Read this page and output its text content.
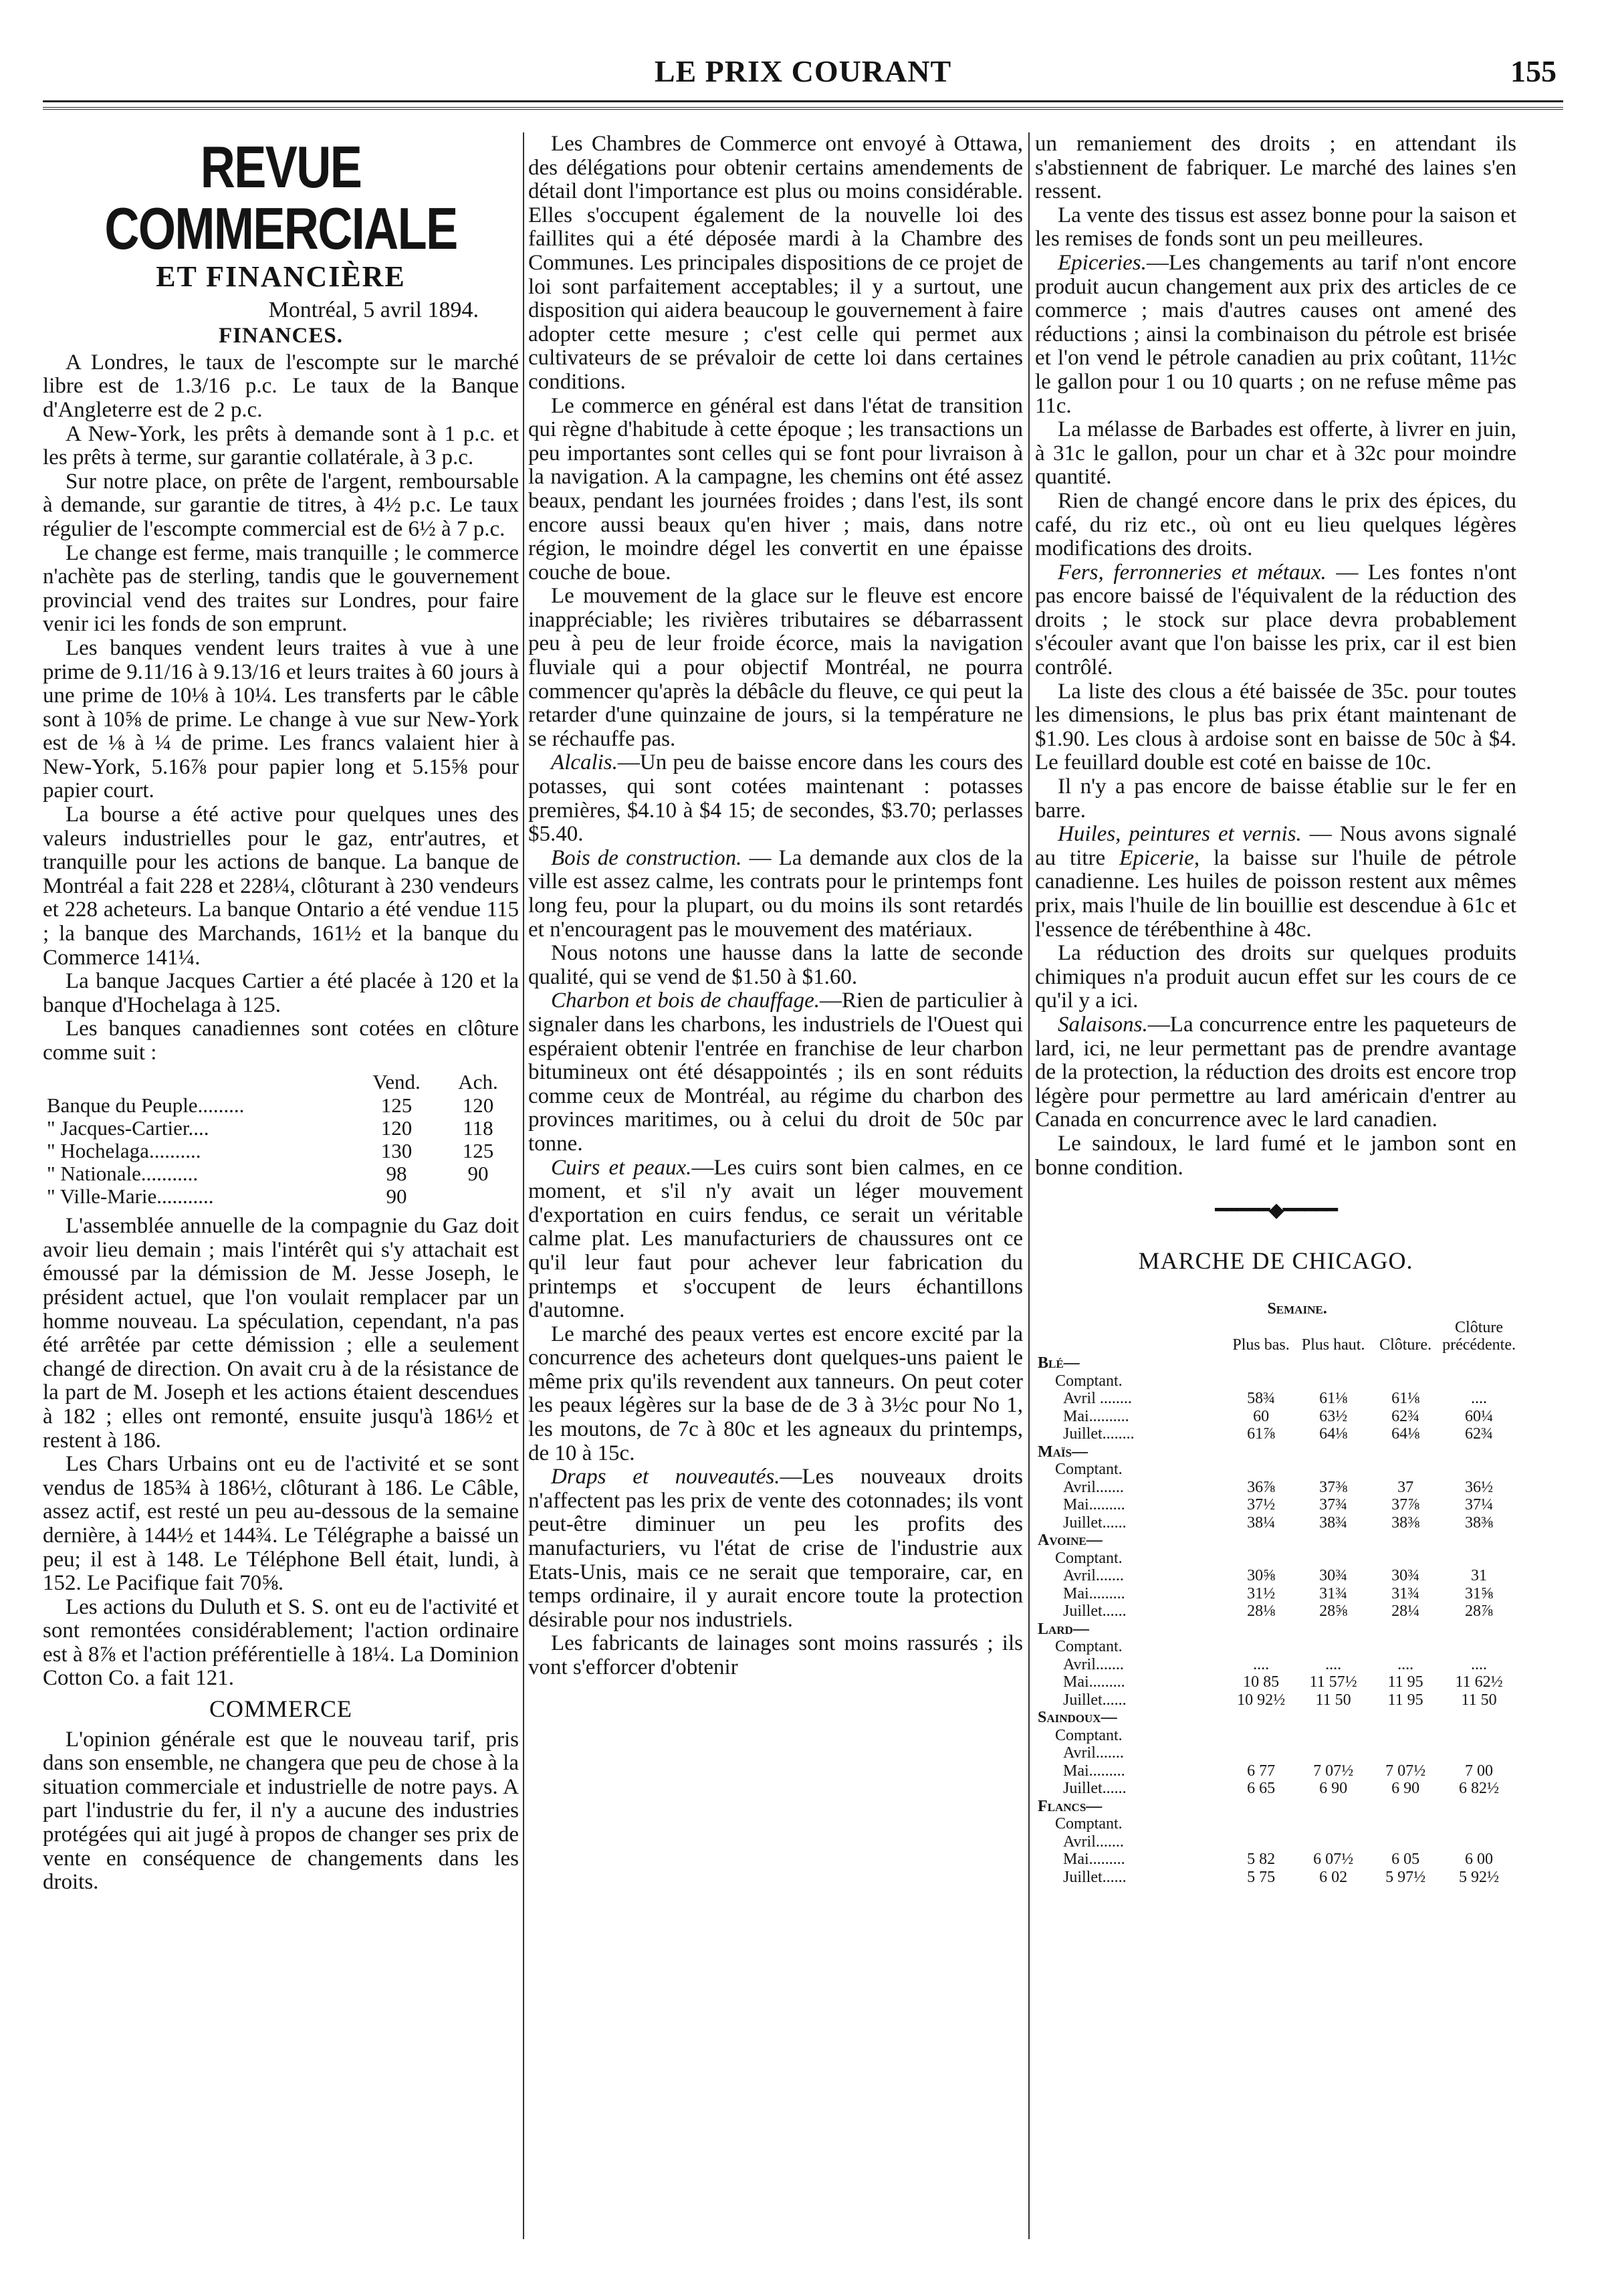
LE PRIX COURANT	155
REVUE COMMERCIALE
ET FINANCIÈRE
Montréal, 5 avril 1894.
FINANCES.

A Londres, le taux de l'escompte sur le marché libre est de 1.3/16 p.c. Le taux de la Banque d'Angleterre est de 2 p.c.

A New-York, les prêts à demande sont à 1 p.c. et les prêts à terme, sur garantie collatérale, à 3 p.c.

Sur notre place, on prête de l'argent, remboursable à demande, sur garantie de titres, à 4½ p.c. Le taux régulier de l'escompte commercial est de 6½ à 7 p.c.

Le change est ferme, mais tranquille ; le commerce n'achète pas de sterling, tandis que le gouvernement provincial vend des traites sur Londres, pour faire venir ici les fonds de son emprunt.

Les banques vendent leurs traites à vue à une prime de 9.11/16 à 9.13/16 et leurs traites à 60 jours à une prime de 10⅛ à 10¼. Les transferts par le câble sont à 10⅝ de prime. Le change à vue sur New-York est de ⅛ à ¼ de prime. Les francs valaient hier à New-York, 5.16⅞ pour papier long et 5.15⅝ pour papier court.

La bourse a été active pour quelques unes des valeurs industrielles pour le gaz, entr'autres, et tranquille pour les actions de banque. La banque de Montréal a fait 228 et 228¼, clôturant à 230 vendeurs et 228 acheteurs. La banque Ontario a été vendue 115 ; la banque des Marchands, 161½ et la banque du Commerce 141¼.

La banque Jacques Cartier a été placée à 120 et la banque d'Hochelaga à 125.

Les banques canadiennes sont cotées en clôture comme suit :

	Vend.	Ach.
Banque du Peuple.........	125	120
" Jacques-Cartier....	120	118
" Hochelaga..........	130	125
" Nationale...........	98	90
" Ville-Marie...........	90	

L'assemblée annuelle de la compagnie du Gaz doit avoir lieu demain ; mais l'intérêt qui s'y attachait est émoussé par la démission de M. Jesse Joseph, le président actuel, que l'on voulait remplacer par un homme nouveau. La spéculation, cependant, n'a pas été arrêtée par cette démission ; elle a seulement changé de direction. On avait cru à de la résistance de la part de M. Joseph et les actions étaient descendues à 182 ; elles ont remonté, ensuite jusqu'à 186½ et restent à 186.

Les Chars Urbains ont eu de l'activité et se sont vendus de 185¾ à 186½, clôturant à 186. Le Câble, assez actif, est resté un peu au-dessous de la semaine dernière, à 144½ et 144¾. Le Télégraphe a baissé un peu; il est à 148. Le Téléphone Bell était, lundi, à 152. Le Pacifique fait 70⅝.

Les actions du Duluth et S. S. ont eu de l'activité et sont remontées considérablement; l'action ordinaire est à 8⅞ et l'action préférentielle à 18¼. La Dominion Cotton Co. a fait 121.

COMMERCE

L'opinion générale est que le nouveau tarif, pris dans son ensemble, ne changera que peu de chose à la situation commerciale et industrielle de notre pays. A part l'industrie du fer, il n'y a aucune des industries protégées qui ait jugé à propos de changer ses prix de vente en conséquence de changements dans les droits.

Les Chambres de Commerce ont envoyé à Ottawa, des délégations pour obtenir certains amendements de détail dont l'importance est plus ou moins considérable. Elles s'occupent également de la nouvelle loi des faillites qui a été déposée mardi à la Chambre des Communes. Les principales dispositions de ce projet de loi sont parfaitement acceptables; il y a surtout, une disposition qui aidera beaucoup le gouvernement à faire adopter cette mesure ; c'est celle qui permet aux cultivateurs de se prévaloir de cette loi dans certaines conditions.

Le commerce en général est dans l'état de transition qui règne d'habitude à cette époque ; les transactions un peu importantes sont celles qui se font pour livraison à la navigation. A la campagne, les chemins ont été assez beaux, pendant les journées froides ; dans l'est, ils sont encore aussi beaux qu'en hiver ; mais, dans notre région, le moindre dégel les convertit en une épaisse couche de boue.

Le mouvement de la glace sur le fleuve est encore inappréciable; les rivières tributaires se débarrassent peu à peu de leur froide écorce, mais la navigation fluviale qui a pour objectif Montréal, ne pourra commencer qu'après la débâcle du fleuve, ce qui peut la retarder d'une quinzaine de jours, si la température ne se réchauffe pas.

Alcalis.—Un peu de baisse encore dans les cours des potasses, qui sont cotées maintenant : potasses premières, $4.10 à $4 15; de secondes, $3.70; perlasses $5.40.

Bois de construction. — La demande aux clos de la ville est assez calme, les contrats pour le printemps font long feu, pour la plupart, ou du moins ils sont retardés et n'encouragent pas le mouvement des matériaux.

Nous notons une hausse dans la latte de seconde qualité, qui se vend de $1.50 à $1.60.

Charbon et bois de chauffage.—Rien de particulier à signaler dans les charbons, les industriels de l'Ouest qui espéraient obtenir l'entrée en franchise de leur charbon bitumineux ont été désappointés ; ils en sont réduits comme ceux de Montréal, au régime du charbon des provinces maritimes, ou à celui du droit de 50c par tonne.

Cuirs et peaux.—Les cuirs sont bien calmes, en ce moment, et s'il n'y avait un léger mouvement d'exportation en cuirs fendus, ce serait un véritable calme plat. Les manufacturiers de chaussures ont ce qu'il leur faut pour achever leur fabrication du printemps et s'occupent de leurs échantillons d'automne.

Le marché des peaux vertes est encore excité par la concurrence des acheteurs dont quelques-uns paient le même prix qu'ils revendent aux tanneurs. On peut coter les peaux légères sur la base de de 3 à 3½c pour No 1, les moutons, de 7c à 80c et les agneaux du printemps, de 10 à 15c.

Draps et nouveautés.—Les nouveaux droits n'affectent pas les prix de vente des cotonnades; ils vont peut-être diminuer un peu les profits des manufacturiers, vu l'état de crise de l'industrie aux Etats-Unis, mais ce ne serait que temporaire, car, en temps ordinaire, il y aurait encore toute la protection désirable pour nos industriels.

Les fabricants de lainages sont moins rassurés ; ils vont s'efforcer d'obtenir

un remaniement des droits ; en attendant ils s'abstiennent de fabriquer. Le marché des laines s'en ressent.

La vente des tissus est assez bonne pour la saison et les remises de fonds sont un peu meilleures.

Epiceries.—Les changements au tarif n'ont encore produit aucun changement aux prix des articles de ce commerce ; mais d'autres causes ont amené des réductions ; ainsi la combinaison du pétrole est brisée et l'on vend le pétrole canadien au prix coûtant, 11½c le gallon pour 1 ou 10 quarts ; on ne refuse même pas 11c.

La mélasse de Barbades est offerte, à livrer en juin, à 31c le gallon, pour un char et à 32c pour moindre quantité.

Rien de changé encore dans le prix des épices, du café, du riz etc., où ont eu lieu quelques légères modifications des droits.

Fers, ferronneries et métaux. — Les fontes n'ont pas encore baissé de l'équivalent de la réduction des droits ; le stock sur place devra probablement s'écouler avant que l'on baisse les prix, car il est bien contrôlé.

La liste des clous a été baissée de 35c. pour toutes les dimensions, le plus bas prix étant maintenant de $1.90. Les clous à ardoise sont en baisse de 50c à $4. Le feuillard double est coté en baisse de 10c.

Il n'y a pas encore de baisse établie sur le fer en barre.

Huiles, peintures et vernis. — Nous avons signalé au titre Epicerie, la baisse sur l'huile de pétrole canadienne. Les huiles de poisson restent aux mêmes prix, mais l'huile de lin bouillie est descendue à 61c et l'essence de térébenthine à 48c.

La réduction des droits sur quelques produits chimiques n'a produit aucun effet sur les cours de ce qu'il y a ici.

Salaisons.—La concurrence entre les paqueteurs de lard, ici, ne leur permettant pas de prendre avantage de la protection, la réduction des droits est encore trop légère pour permettre au lard américain d'entrer au Canada en concurrence avec le lard canadien.

Le saindoux, le lard fumé et le jambon sont en bonne condition.

━━━━━◆━━━━━
MARCHE DE CHICAGO.
	Semaine.			
	Plus bas.	Plus haut.	Clôture.	Clôture précédente.
Blé—				
Comptant.				
Avril ........	58¾	61⅛	61⅛	....
Mai..........	60	63½	62¾	60¼
Juillet........	61⅞	64⅛	64⅛	62¾
Maïs—				
Comptant.				
Avril.......	36⅞	37⅜	37	36½
Mai.........	37½	37¾	37⅞	37¼
Juillet......	38¼	38¾	38⅜	38⅜
Avoine—				
Comptant.				
Avril.......	30⅝	30¾	30¾	31
Mai.........	31½	31¾	31¾	31⅝
Juillet......	28⅛	28⅝	28¼	28⅞
Lard—				
Comptant.				
Avril.......	....	....	....	....
Mai.........	10 85	11 57½	11 95	11 62½
Juillet......	10 92½	11 50	11 95	11 50
Saindoux—				
Comptant.				
Avril.......				
Mai.........	6 77	7 07½	7 07½	7 00
Juillet......	6 65	6 90	6 90	6 82½
Flancs—				
Comptant.				
Avril.......				
Mai.........	5 82	6 07½	6 05	6 00
Juillet......	5 75	6 02	5 97½	5 92½
